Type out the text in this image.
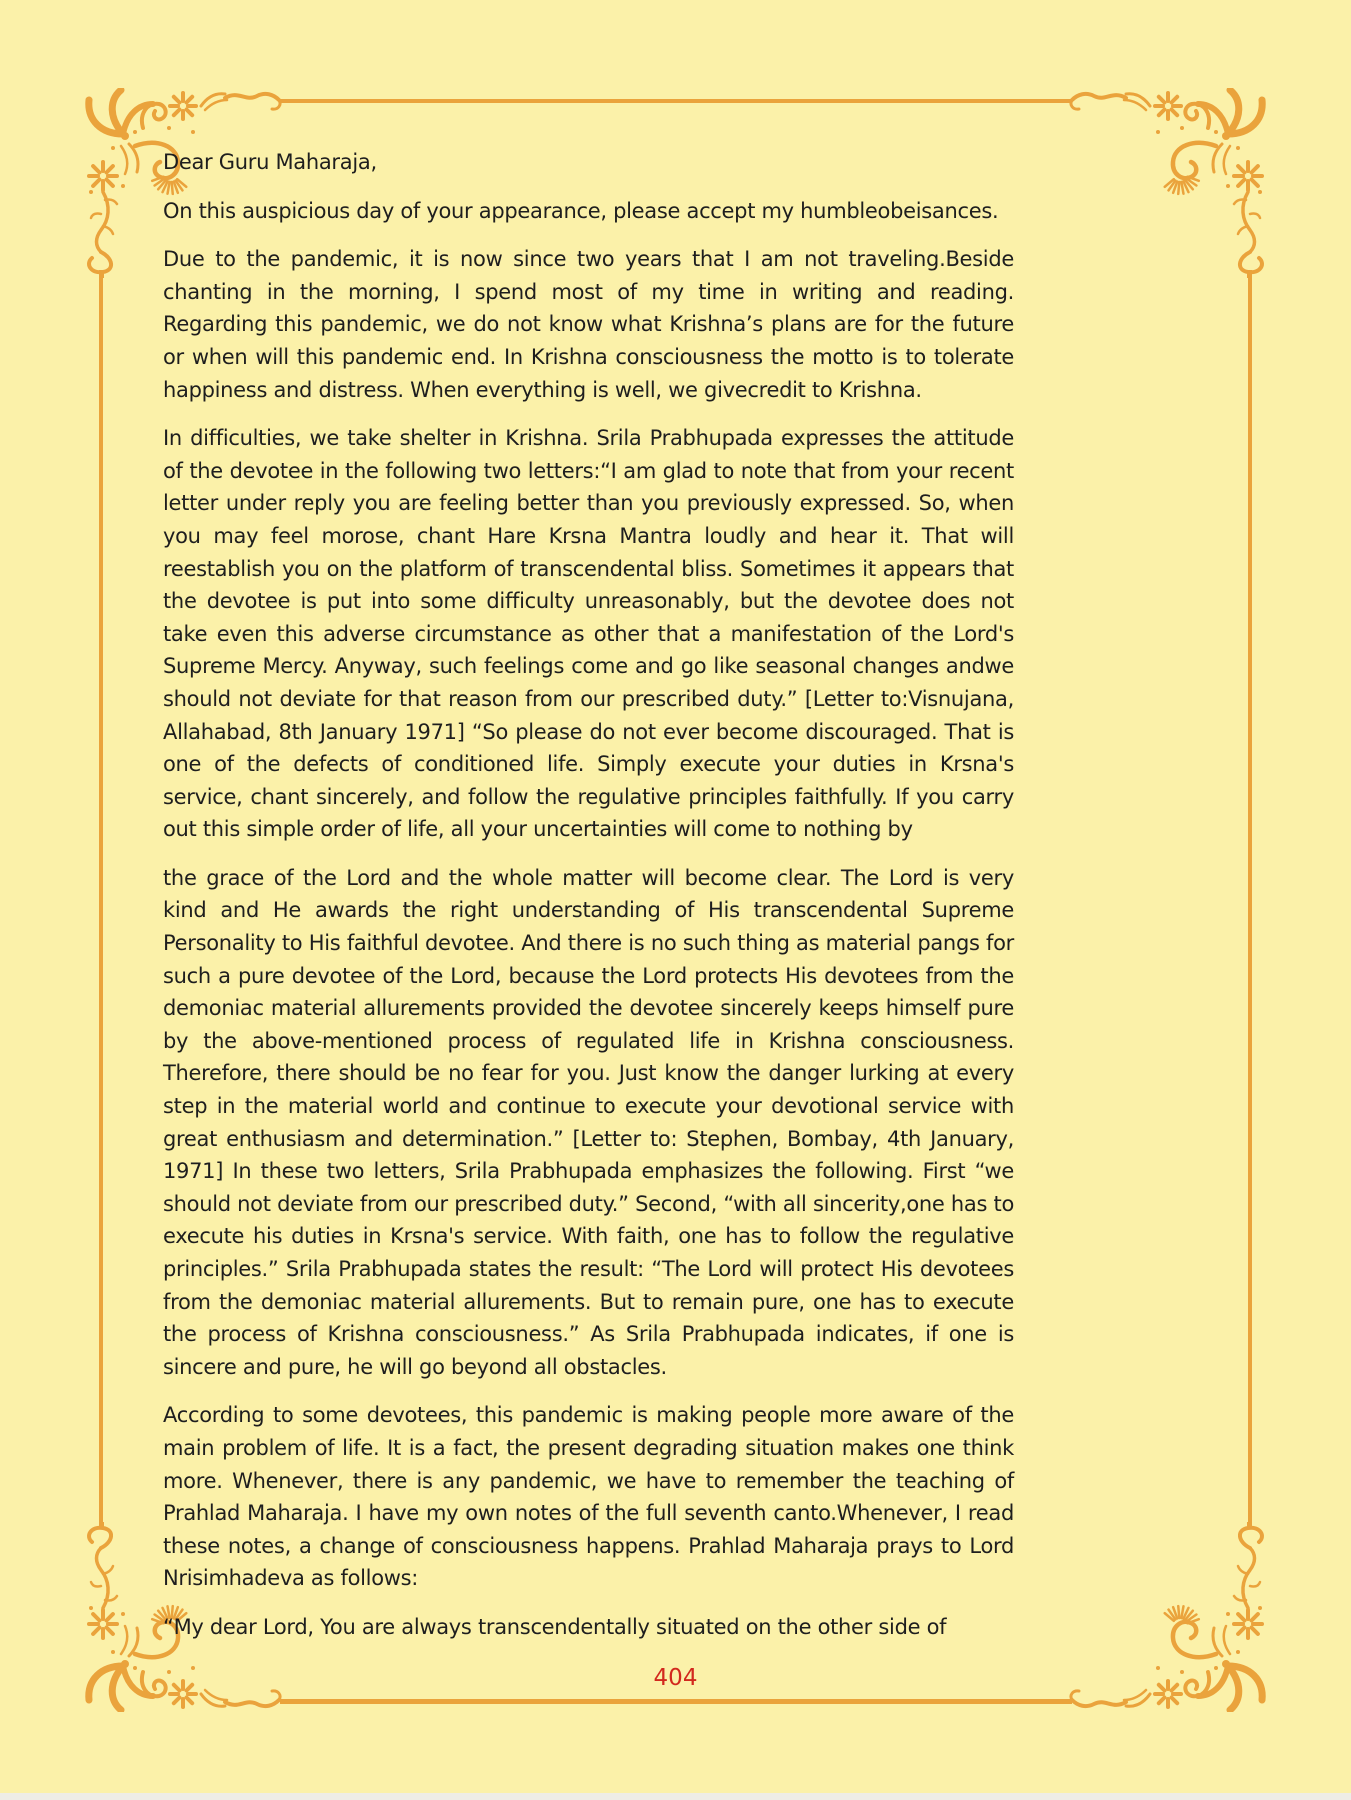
Dear Guru Maharaja,

On this auspicious day of your appearance, please accept my humbleobeisances.

Due to the pandemic, it is now since two years that I am not traveling.Beside chanting in the morning, I spend most of my time in writing and reading. Regarding this pandemic, we do not know what Krishna’s plans are for the future or when will this pandemic end. In Krishna consciousness the motto is to tolerate happiness and distress. When everything is well, we givecredit to Krishna.

In difficulties, we take shelter in Krishna. Srila Prabhupada expresses the attitude of the devotee in the following two letters:“I am glad to note that from your recent letter under reply you are feeling better than you previously expressed. So, when you may feel morose, chant Hare Krsna Mantra loudly and hear it. That will reestablish you on the platform of transcendental bliss. Sometimes it appears that the devotee is put into some difficulty unreasonably, but the devotee does not take even this adverse circumstance as other that a manifestation of the Lord's Supreme Mercy. Anyway, such feelings come and go like seasonal changes andwe should not deviate for that reason from our prescribed duty.” [Letter to:Visnujana, Allahabad, 8th January 1971] “So please do not ever become discouraged. That is one of the defects of conditioned life. Simply execute your duties in Krsna's service, chant sincerely, and follow the regulative principles faithfully. If you carry out this simple order of life, all your uncertainties will come to nothing by

the grace of the Lord and the whole matter will become clear. The Lord is very kind and He awards the right understanding of His transcendental Supreme Personality to His faithful devotee. And there is no such thing as material pangs for such a pure devotee of the Lord, because the Lord protects His devotees from the demoniac material allurements provided the devotee sincerely keeps himself pure by the above-mentioned process of regulated life in Krishna consciousness. Therefore, there should be no fear for you. Just know the danger lurking at every step in the material world and continue to execute your devotional service with great enthusiasm and determination.” [Letter to: Stephen, Bombay, 4th January, 1971] In these two letters, Srila Prabhupada emphasizes the following. First “we should not deviate from our prescribed duty.” Second, “with all sincerity,one has to execute his duties in Krsna's service. With faith, one has to follow the regulative principles.” Srila Prabhupada states the result: “The Lord will protect His devotees from the demoniac material allurements. But to remain pure, one has to execute the process of Krishna consciousness.” As Srila Prabhupada indicates, if one is sincere and pure, he will go beyond all obstacles.

According to some devotees, this pandemic is making people more aware of the main problem of life. It is a fact, the present degrading situation makes one think more. Whenever, there is any pandemic, we have to remember the teaching of Prahlad Maharaja. I have my own notes of the full seventh canto.Whenever, I read these notes, a change of consciousness happens. Prahlad Maharaja prays to Lord Nrisimhadeva as follows:

“My dear Lord, You are always transcendentally situated on the other side of

404
